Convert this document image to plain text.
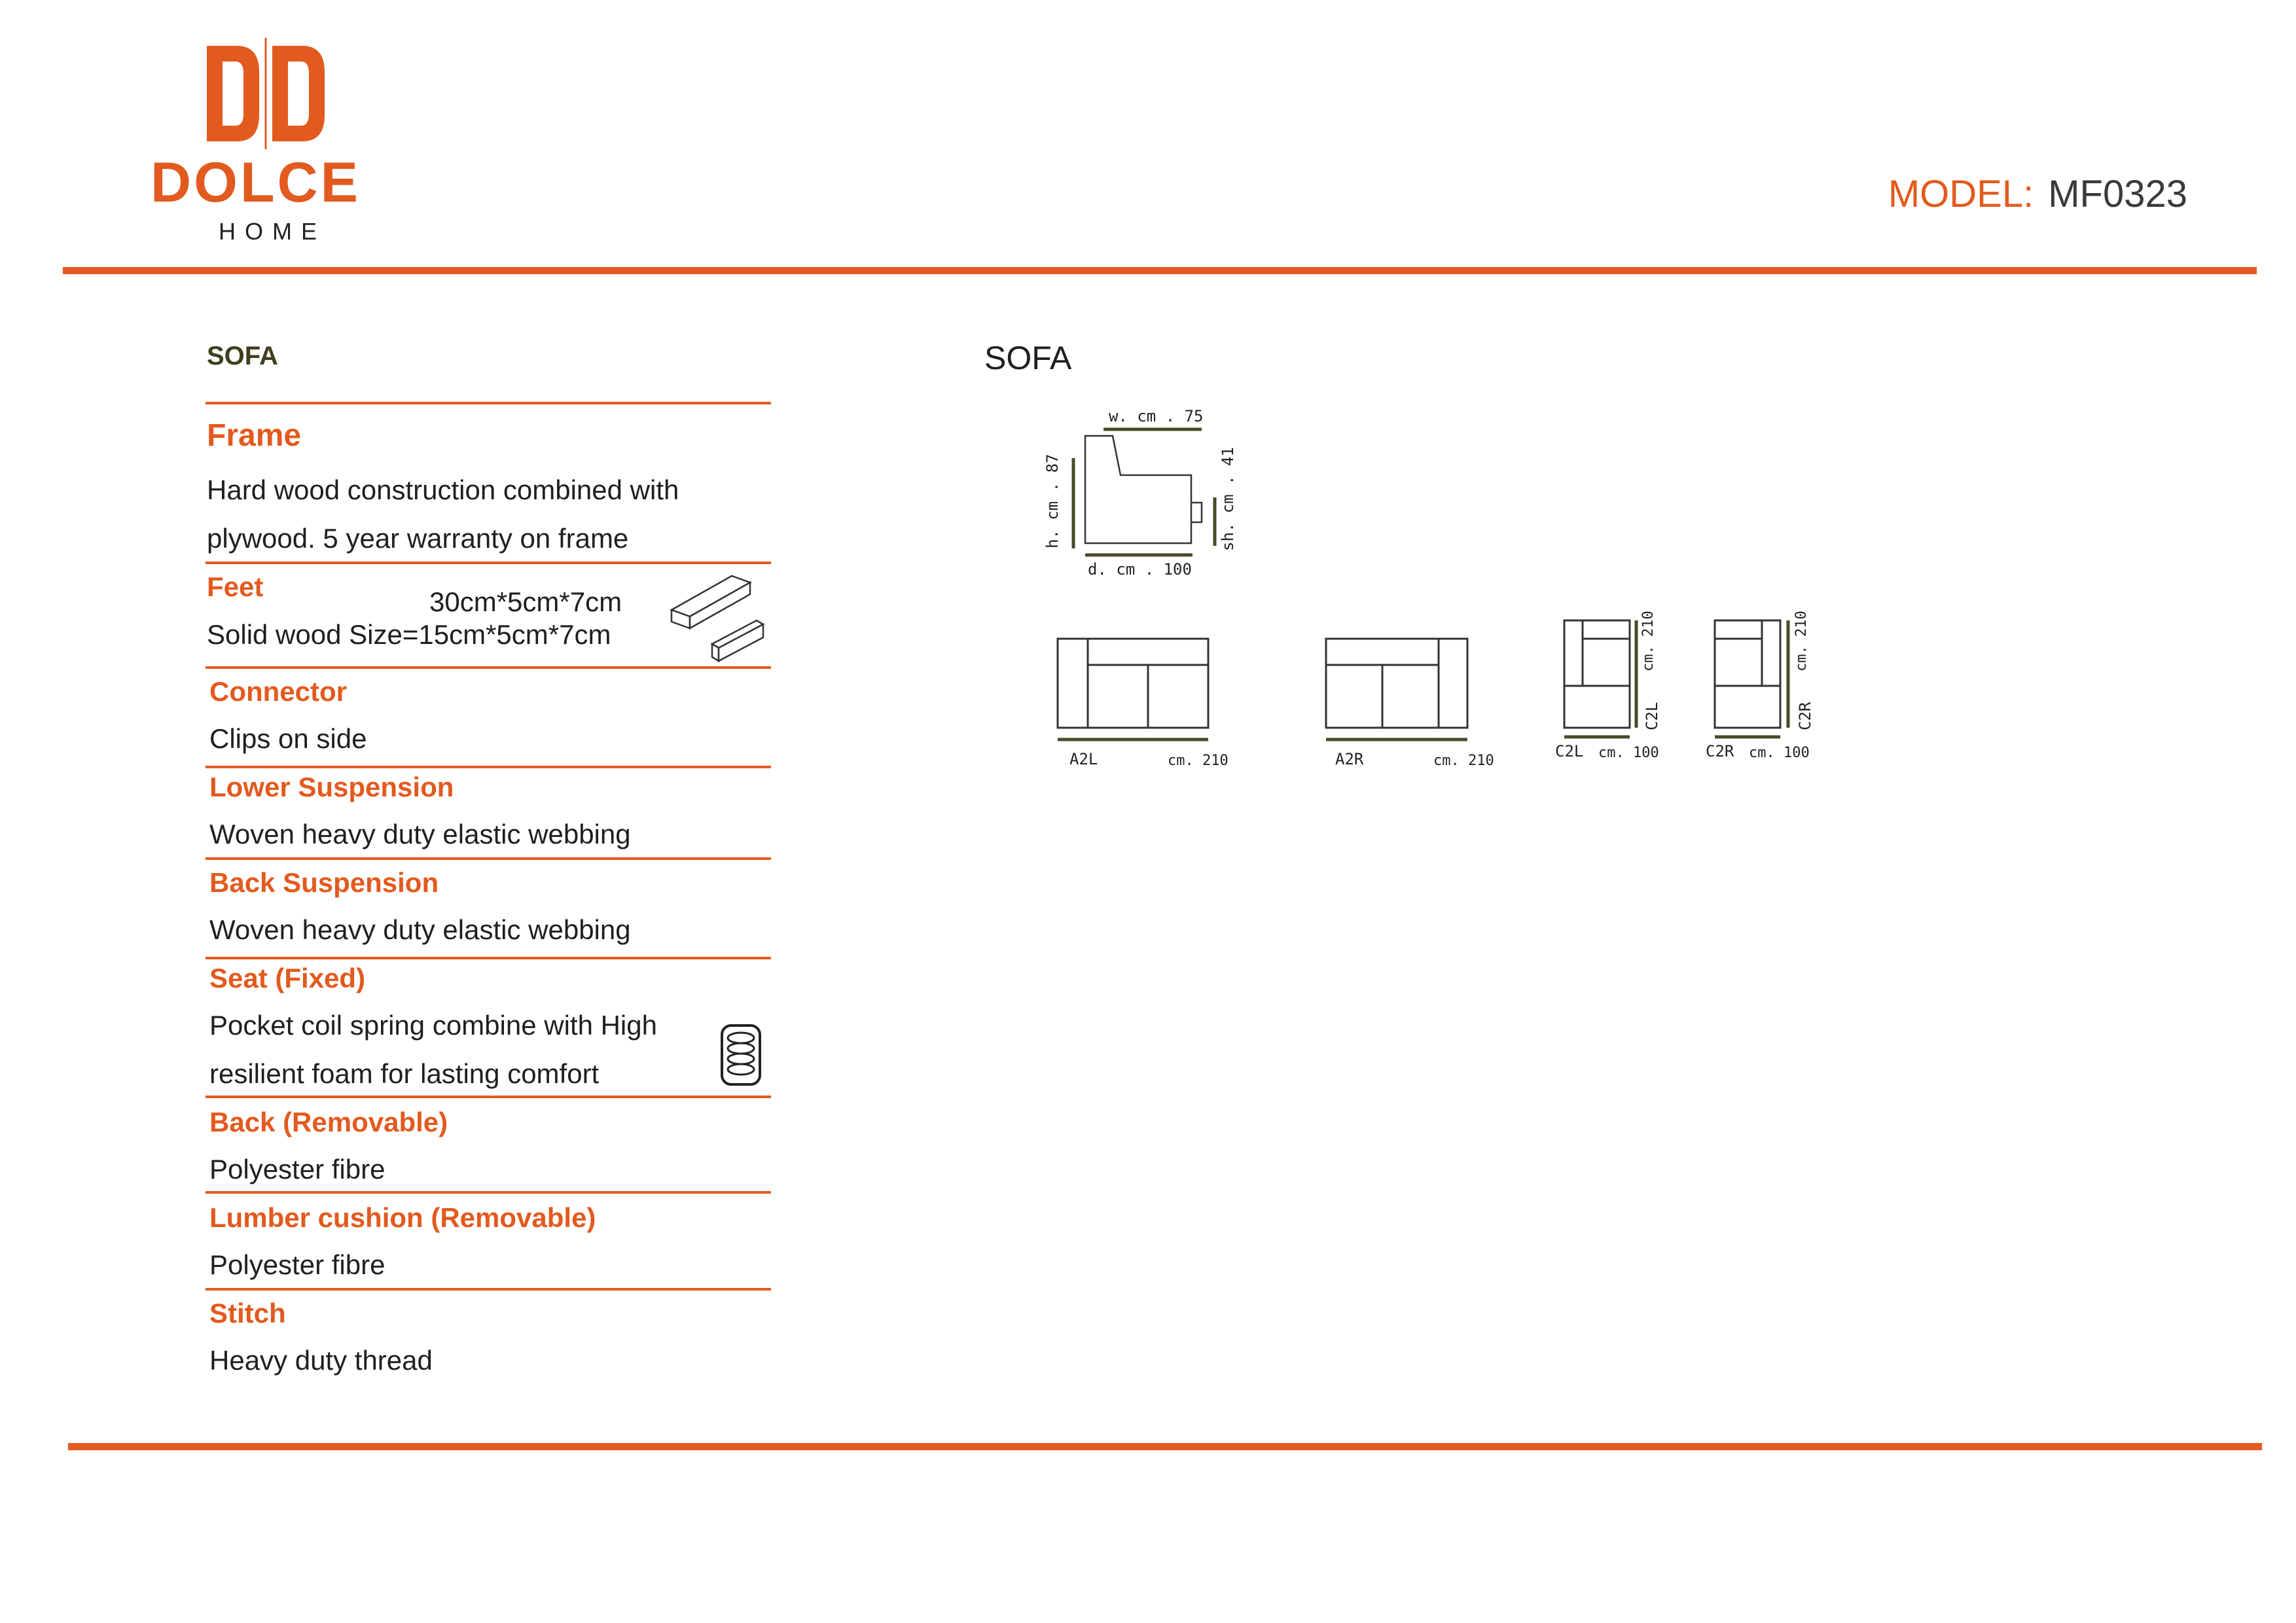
DOLCE
HOME
MODEL: MF0323
SOFA
Frame
Hard wood construction combined with
plywood. 5 year warranty on frame
Feet	30cm*5cm*7cm
Solid wood Size=15cm*5cm*7cm
Connector
Clips on side
Lower Suspension
Woven heavy duty elastic webbing
Back Suspension
Woven heavy duty elastic webbing
Seat (Fixed)
Pocket coil spring combine with High
resilient foam for lasting comfort
Back (Removable)
Polyester fibre
Lumber cushion (Removable)
Polyester fibre
Stitch
Heavy duty thread
SOFA
w. cm . 75
h. cm . 87	sh. cm . 41
d. cm . 100
A2L	cm. 210	A2R	cm. 210
C2L cm. 100
cm. 210
C2L
C2R cm. 100
cm. 210
C2R
